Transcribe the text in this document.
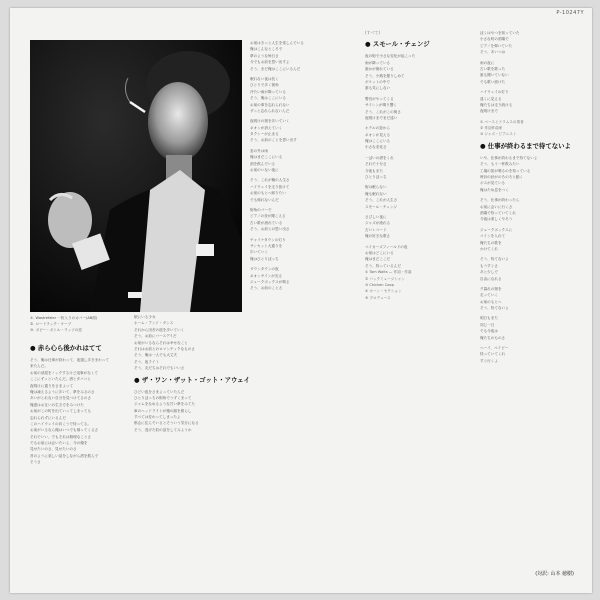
P-10247Y
①. Wastrefaler 一枚入りのカバー(AB面)
②. ロードラック・ケーブ
③. ボビー・ボトル・ラッソの恋
● 赤ら心ら後かれはてて
そう、俺は仕事が終わって、夜通し歩きまわって
来たんだ。
お前の部屋をノックするけど返事がなくて
ここにずっといたんだ。酒とタバコと
夜明けに通りをさまよって
俺は凍えるように歩いて、夢をみるのさ
あいがとれない自分を見つけてるのさ
俺達はお互いの生き方をみつけた
お前がこの町を出ていってしまっても
忘れられずにいるんだ
このハイウェイの向こうで待ってる。
お前がいるなら俺はいつでも帰ってくるさ
それでいい、でもそれは無理なことさ
でもお前には会いたいよ、今の俺を
見せたいのさ、見せたいのさ
昔のように楽しい話をしながら酒を飲んで
そうさ
駅にいる少女
ホーム・アンド・ダンス
それから田舎の道を歩いていく
そう、お前にバースデイだ
お前がいるならそれは幸せなこと
それはお前とのロマンチックなものさ
そう、俺は一人でも大丈夫
そう、夜ライト
そう、友だちはそれでもいいさ
● ザ・ワン・ザット・ゴット・アウェイ
ひどい夜をさまよっていたんだ
ひとりぼっちの街角でうずくまって
ジャムをなめるような甘い夢をみてた
車のヘッドライトが俺の顔を照らし
すべては変わってしまったよ
都会に住んでいるとそういう気分になる
そう、逃げた奴の話をしてみようか
お前はきっと人生を楽しんでいる
俺はこんなところで
夢のような毎日さ
今でもお前を思い出すよ
そう、まだ俺はここにいるんだ
眠れない夜は長く
ひとりで歩く街角
冷たい雨が降っている
そう、俺はここにいる
お前の事を忘れられない
ずっと忘れられないんだ
夜明けの街を歩いていく
ネオンが消えていく
タクシーが止まる
そう、お前のことを思い出す
窓の外は雨
俺はまだここにいる
酒を飲んでいる
お前のいない夜に
そう、これが俺の人生さ
ハイウェイを走り抜けて
お前のもとへ帰りたい
でも帰れないんだ
街角のバーで
ピアノの音が聞こえる
古い歌が流れている
そう、お前との思い出さ
チャイナタウンの灯り
サンセット大通りを
歩いていく
俺はひとりぼっち
ダウンタウンの夜
ネオンサインが光る
ジュークボックスが鳴る
そう、お前のことさ
(すべて)
● スモール・チェンジ
夜の街で小さな変化が起こった
雨が降っている
誰かが倒れている
そう、小銭を握りしめて
ポケットの中で
誰も気にしない
警官がやってくる
サイレンが鳴り響く
そう、これがこの街さ
夜明けまでまだ遠い
ホテルの窓から
ネオンが見える
俺はここにいる
小さな変化さ
一ぱいの酒をくれ
それで十分さ
今夜もまた
ひとりぼっち
街は眠らない
俺も眠れない
そう、これが人生さ
スモール・チェンジ
さびしい夜に
ジャズが流れる
古いレコード
俺の好きな歌さ
ベイカーズフィールドの夜
お前はどこにいる
俺はまだここだ
そう、待っているんだ
① Tom Waits — 作詞・作曲
② バックミュージシャン
③ Chicken Coop
④ ホーン・セクション
⑤ プロデュース
ぼくはやつを知っていた
小さな町の酒場で
ピアノを弾いていた
そう、あいつは
雨の夜に
古い歌を歌った
誰も聞いていない
でも歌い続けた
ハイウェイの灯り
遠くに見える
俺たちは走り続ける
夜明けまで
① ベースとドラムスの奏者
② 作詞作曲家
③ ジャズ・ピアニスト
● 仕事が終わるまで待てないよ
いや、仕事が終わるまで待てないよ
そう、もう一杯飲みたい
工場の笛が鳴るのを待っている
時計の針がのろのろと動く
ボスが見ている
俺はため息をつく
そう、仕事が終わったら
お前に会いに行くさ
酒場で待っていてくれ
今夜は楽しくやろう
ジュークボックスに
コインを入れて
俺たちの歌を
かけてくれ
そう、待てないよ
もうすぐさ
あと少しで
自由になれる
夕暮れの街を
走っていく
お前のもとへ
そう、待てないよ
明日もまた
同じ一日
でも今夜は
俺たちのものさ
ヘーイ、ベイビー
待っていてくれ
すぐ行くよ
(対訳: 山本 徳樹)
